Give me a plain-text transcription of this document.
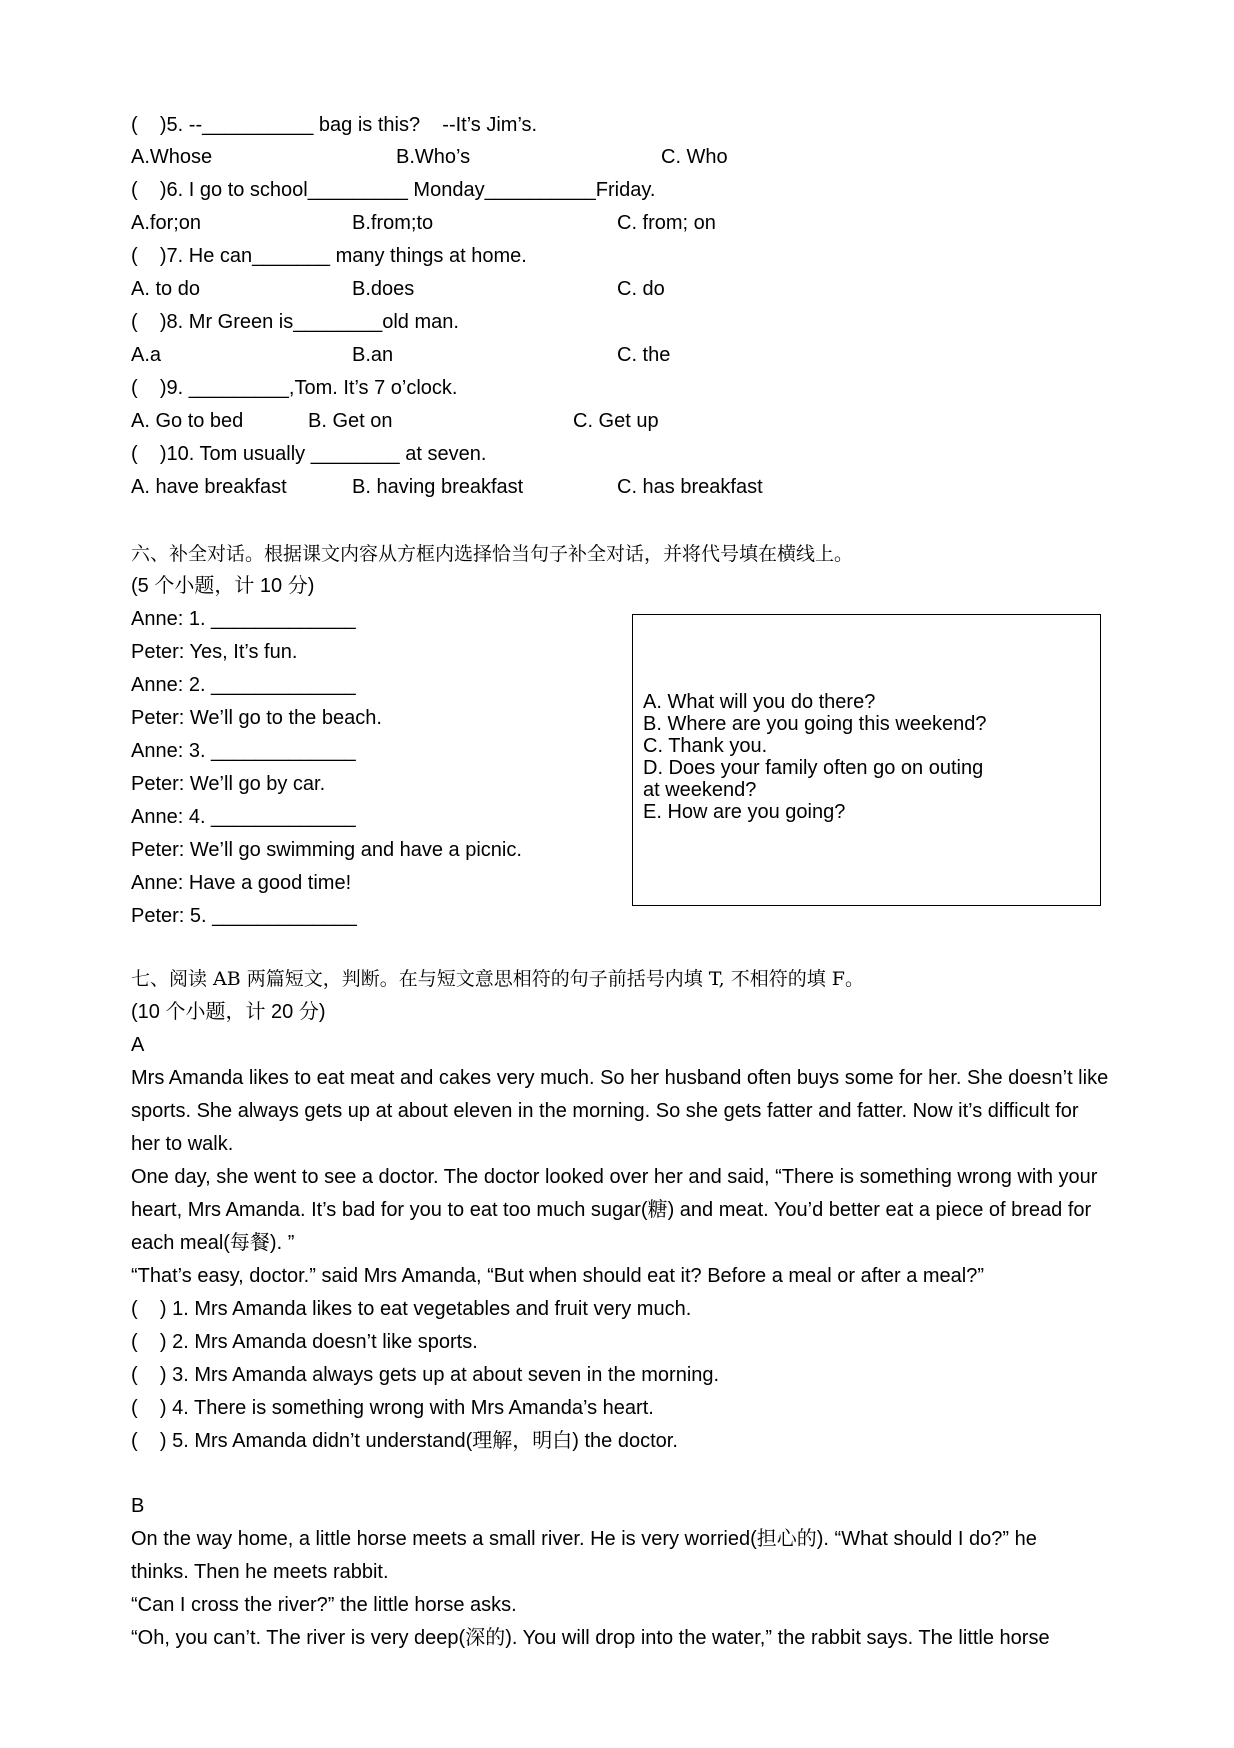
(    )5. --__________ bag is this?    --It’s Jim’s.
A.Whose	B.Who’s	C. Who
(    )6. I go to school_________ Monday__________Friday.
A.for;on	B.from;to	C. from; on
(    )7. He can_______ many things at home.
A. to do	B.does	C. do
(    )8. Mr Green is________old man.
A.a	B.an	C. the
(    )9. _________,Tom. It’s 7 o’clock.
A. Go to bed	B. Get on	C. Get up
(    )10. Tom usually ________ at seven.
A. have breakfast	B. having breakfast	C. has breakfast
六、补全对话。根据课文内容从方框内选择恰当句子补全对话，并将代号填在横线上。
(5 个小题，计 10 分)
Anne: 1. _____________
Peter: Yes, It’s fun.
Anne: 2. _____________
Peter: We’ll go to the beach.
Anne: 3. _____________
Peter: We’ll go by car.
Anne: 4. _____________
Peter: We’ll go swimming and have a picnic.
Anne: Have a good time!
Peter: 5. _____________
A. What will you do there?
B. Where are you going this weekend?
C. Thank you.
D. Does your family often go on outing
at weekend?
E. How are you going?
七、阅读 AB 两篇短文，判断。在与短文意思相符的句子前括号内填 T, 不相符的填 F。
(10 个小题，计 20 分)
A
Mrs Amanda likes to eat meat and cakes very much. So her husband often buys some for her. She doesn’t like
sports. She always gets up at about eleven in the morning. So she gets fatter and fatter. Now it’s difficult for
her to walk.
One day, she went to see a doctor. The doctor looked over her and said, “There is something wrong with your
heart, Mrs Amanda. It’s bad for you to eat too much sugar(糖) and meat. You’d better eat a piece of bread for
each meal(每餐). ”
“That’s easy, doctor.” said Mrs Amanda, “But when should eat it? Before a meal or after a meal?”
(    ) 1. Mrs Amanda likes to eat vegetables and fruit very much.
(    ) 2. Mrs Amanda doesn’t like sports.
(    ) 3. Mrs Amanda always gets up at about seven in the morning.
(    ) 4. There is something wrong with Mrs Amanda’s heart.
(    ) 5. Mrs Amanda didn’t understand(理解，明白) the doctor.
B
On the way home, a little horse meets a small river. He is very worried(担心的). “What should I do?” he
thinks. Then he meets rabbit.
“Can I cross the river?” the little horse asks.
“Oh, you can’t. The river is very deep(深的). You will drop into the water,” the rabbit says. The little horse
